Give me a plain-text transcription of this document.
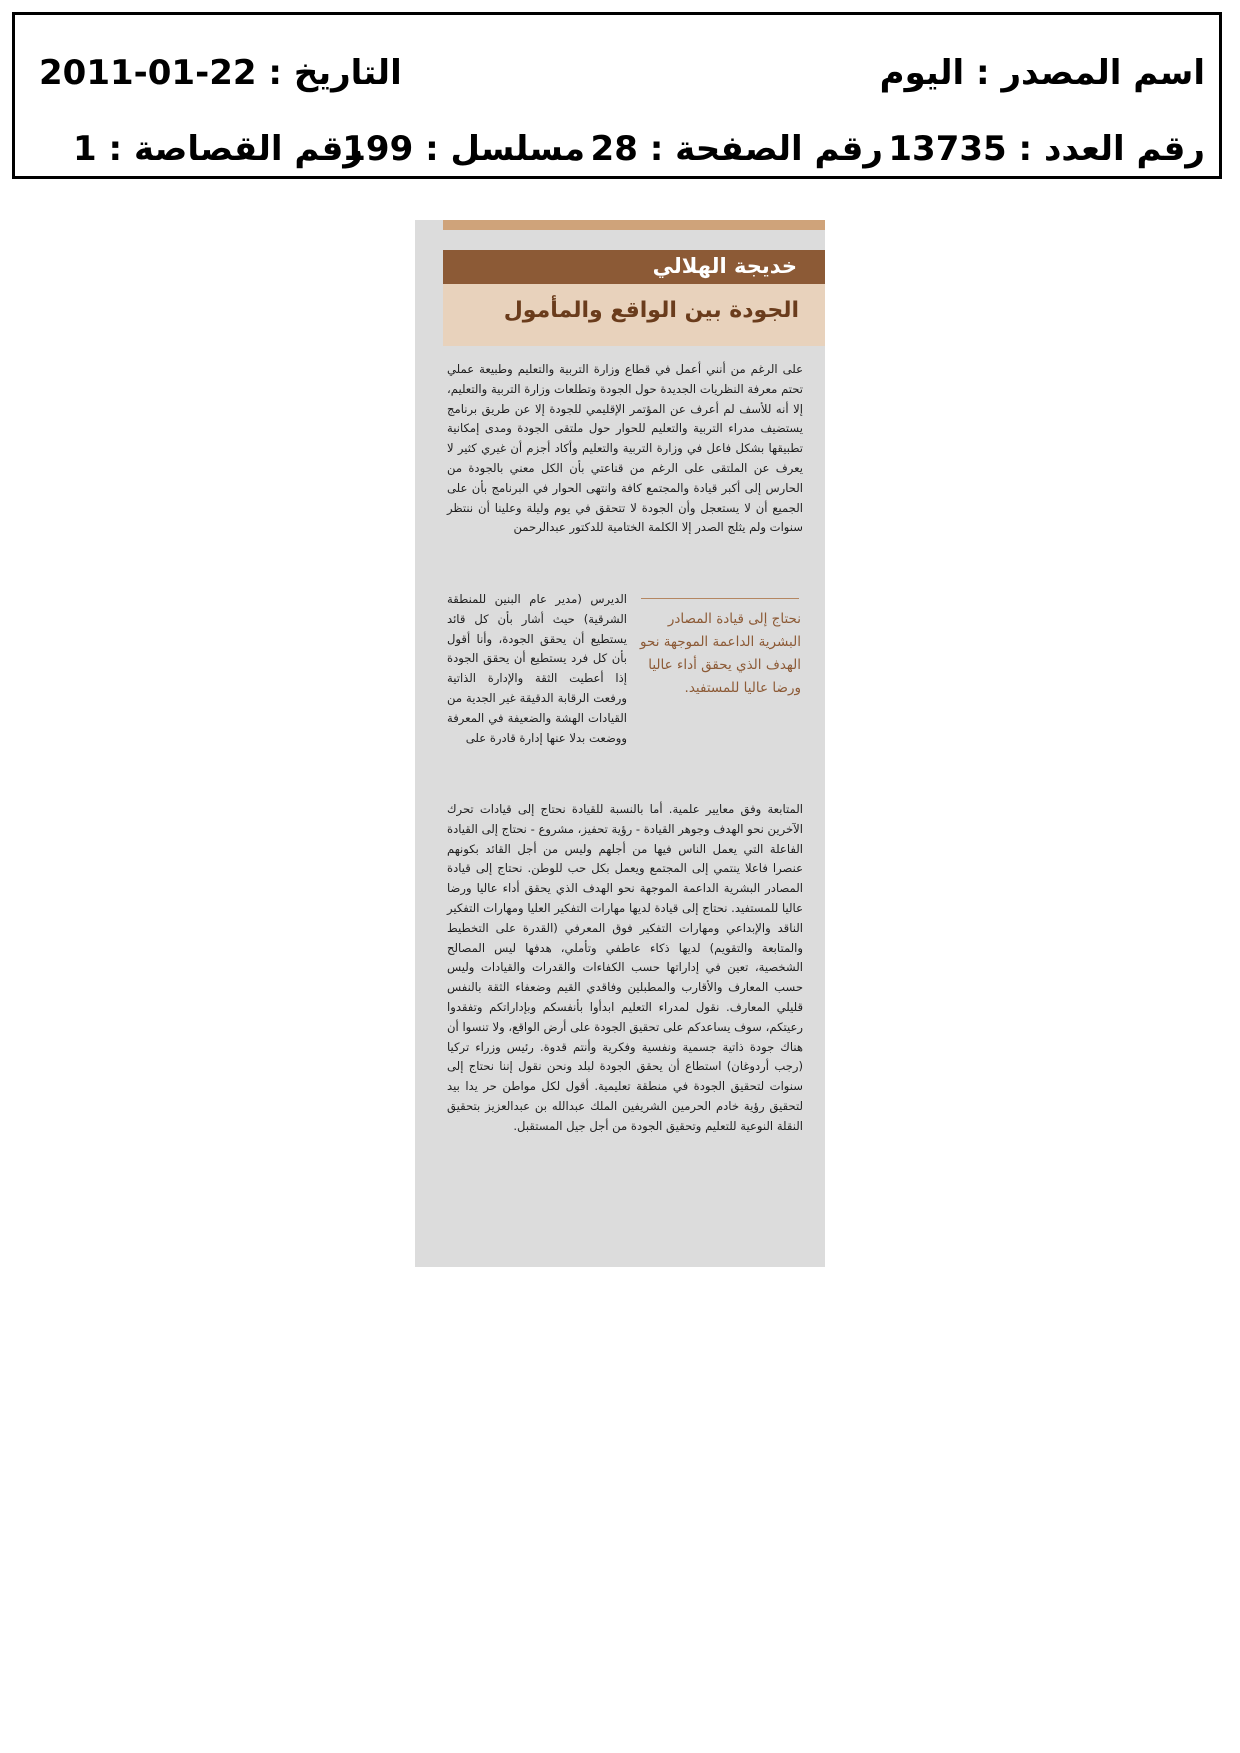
اسم المصدر : اليوم
التاريخ : 22-01-2011
رقم العدد : 13735
رقم الصفحة : 28
مسلسل : 199
رقم القصاصة : 1
خديجة الهلالي
الجودة بين الواقع والمأمول

على الرغم من أنني أعمل في قطاع وزارة التربية والتعليم وطبيعة عملي تحتم معرفة النظريات الجديدة حول الجودة وتطلعات وزارة التربية والتعليم، إلا أنه للأسف لم أعرف عن المؤتمر الإقليمي للجودة إلا عن طريق برنامج يستضيف مدراء التربية والتعليم للحوار حول ملتقى الجودة ومدى إمكانية تطبيقها بشكل فاعل في وزارة التربية والتعليم وأكاد أجزم أن غيري كثير لا يعرف عن الملتقى على الرغم من قناعتي بأن الكل معني بالجودة من الحارس إلى أكبر قيادة والمجتمع كافة وانتهى الحوار في البرنامج بأن على الجميع أن لا يستعجل وأن الجودة لا تتحقق في يوم وليلة وعلينا أن ننتظر سنوات ولم يثلج الصدر إلا الكلمة الختامية للدكتور عبدالرحمن

نحتاج إلى قيادة المصادر البشرية الداعمة الموجهة نحو الهدف الذي يحقق أداء عاليا ورضا عاليا للمستفيد.

الديرس (مدير عام البنين للمنطقة الشرقية) حيث أشار بأن كل قائد يستطيع أن يحقق الجودة، وأنا أقول بأن كل فرد يستطيع أن يحقق الجودة إذا أعطيت الثقة والإدارة الذاتية ورفعت الرقابة الدقيقة غير الجدية من القيادات الهشة والضعيفة في المعرفة ووضعت بدلا عنها إدارة قادرة على

المتابعة وفق معايير علمية. أما بالنسبة للقيادة نحتاج إلى قيادات تحرك الآخرين نحو الهدف وجوهر القيادة - رؤية تحفيز، مشروع - نحتاج إلى القيادة الفاعلة التي يعمل الناس فيها من أجلهم وليس من أجل القائد بكونهم عنصرا فاعلا ينتمي إلى المجتمع ويعمل بكل حب للوطن. نحتاج إلى قيادة المصادر البشرية الداعمة الموجهة نحو الهدف الذي يحقق أداء عاليا ورضا عاليا للمستفيد. نحتاج إلى قيادة لديها مهارات التفكير العليا ومهارات التفكير الناقد والإبداعي ومهارات التفكير فوق المعرفي (القدرة على التخطيط والمتابعة والتقويم) لديها ذكاء عاطفي وتأملي، هدفها ليس المصالح الشخصية، تعين في إداراتها حسب الكفاءات والقدرات والقيادات وليس حسب المعارف والأقارب والمطبلين وفاقدي القيم وضعفاء الثقة بالنفس قليلي المعارف. نقول لمدراء التعليم ابدأوا بأنفسكم وبإداراتكم وتفقدوا رعيتكم، سوف يساعدكم على تحقيق الجودة على أرض الواقع، ولا تنسوا أن هناك جودة ذاتية جسمية ونفسية وفكرية وأنتم قدوة. رئيس وزراء تركيا (رجب أردوغان) استطاع أن يحقق الجودة لبلد ونحن نقول إننا نحتاج إلى سنوات لتحقيق الجودة في منطقة تعليمية. أقول لكل مواطن حر يدا بيد لتحقيق رؤية خادم الحرمين الشريفين الملك عبدالله بن عبدالعزيز بتحقيق النقلة النوعية للتعليم وتحقيق الجودة من أجل جيل المستقبل.
